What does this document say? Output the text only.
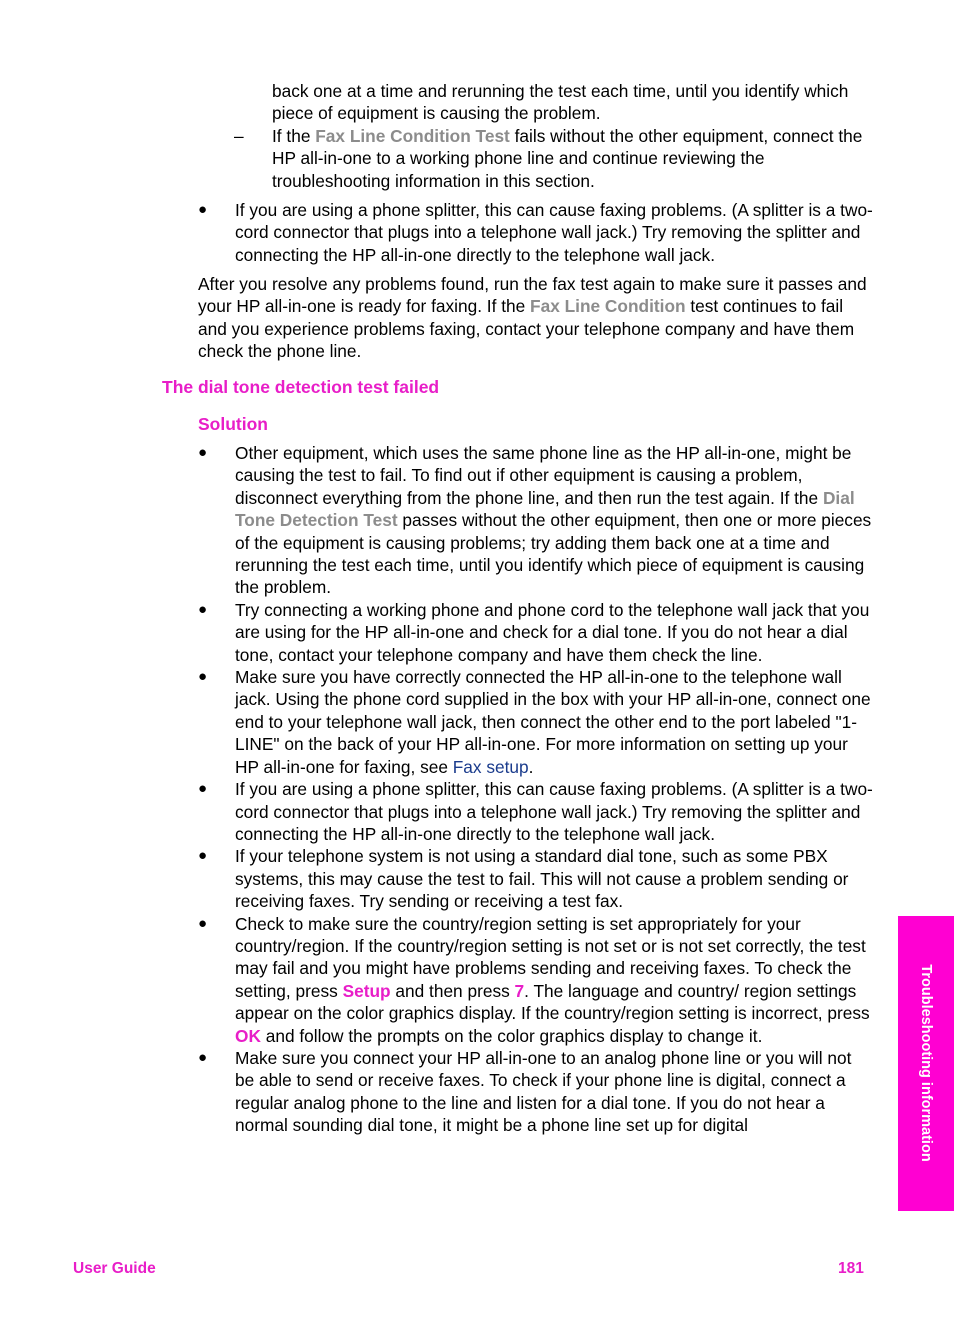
back one at a time and rerunning the test each time, until you identify which piece of equipment is causing the problem.

– If the Fax Line Condition Test fails without the other equipment, connect the HP all-in-one to a working phone line and continue reviewing the troubleshooting information in this section.

● If you are using a phone splitter, this can cause faxing problems. (A splitter is a two-cord connector that plugs into a telephone wall jack.) Try removing the splitter and connecting the HP all-in-one directly to the telephone wall jack.

After you resolve any problems found, run the fax test again to make sure it passes and your HP all-in-one is ready for faxing. If the Fax Line Condition test continues to fail and you experience problems faxing, contact your telephone company and have them check the phone line.

The dial tone detection test failed
Solution
● Other equipment, which uses the same phone line as the HP all-in-one, might be causing the test to fail. To find out if other equipment is causing a problem, disconnect everything from the phone line, and then run the test again. If the Dial Tone Detection Test passes without the other equipment, then one or more pieces of the equipment is causing problems; try adding them back one at a time and rerunning the test each time, until you identify which piece of equipment is causing the problem.

● Try connecting a working phone and phone cord to the telephone wall jack that you are using for the HP all-in-one and check for a dial tone. If you do not hear a dial tone, contact your telephone company and have them check the line.

● Make sure you have correctly connected the HP all-in-one to the telephone wall jack. Using the phone cord supplied in the box with your HP all-in-one, connect one end to your telephone wall jack, then connect the other end to the port labeled "1-LINE" on the back of your HP all-in-one. For more information on setting up your HP all-in-one for faxing, see Fax setup.

● If you are using a phone splitter, this can cause faxing problems. (A splitter is a two-cord connector that plugs into a telephone wall jack.) Try removing the splitter and connecting the HP all-in-one directly to the telephone wall jack.

● If your telephone system is not using a standard dial tone, such as some PBX systems, this may cause the test to fail. This will not cause a problem sending or receiving faxes. Try sending or receiving a test fax.

● Check to make sure the country/region setting is set appropriately for your country/region. If the country/region setting is not set or is not set correctly, the test may fail and you might have problems sending and receiving faxes. To check the setting, press Setup and then press 7. The language and country/ region settings appear on the color graphics display. If the country/region setting is incorrect, press OK and follow the prompts on the color graphics display to change it.

● Make sure you connect your HP all-in-one to an analog phone line or you will not be able to send or receive faxes. To check if your phone line is digital, connect a regular analog phone to the line and listen for a dial tone. If you do not hear a normal sounding dial tone, it might be a phone line set up for digital	Troubleshooting information
User Guide	181
